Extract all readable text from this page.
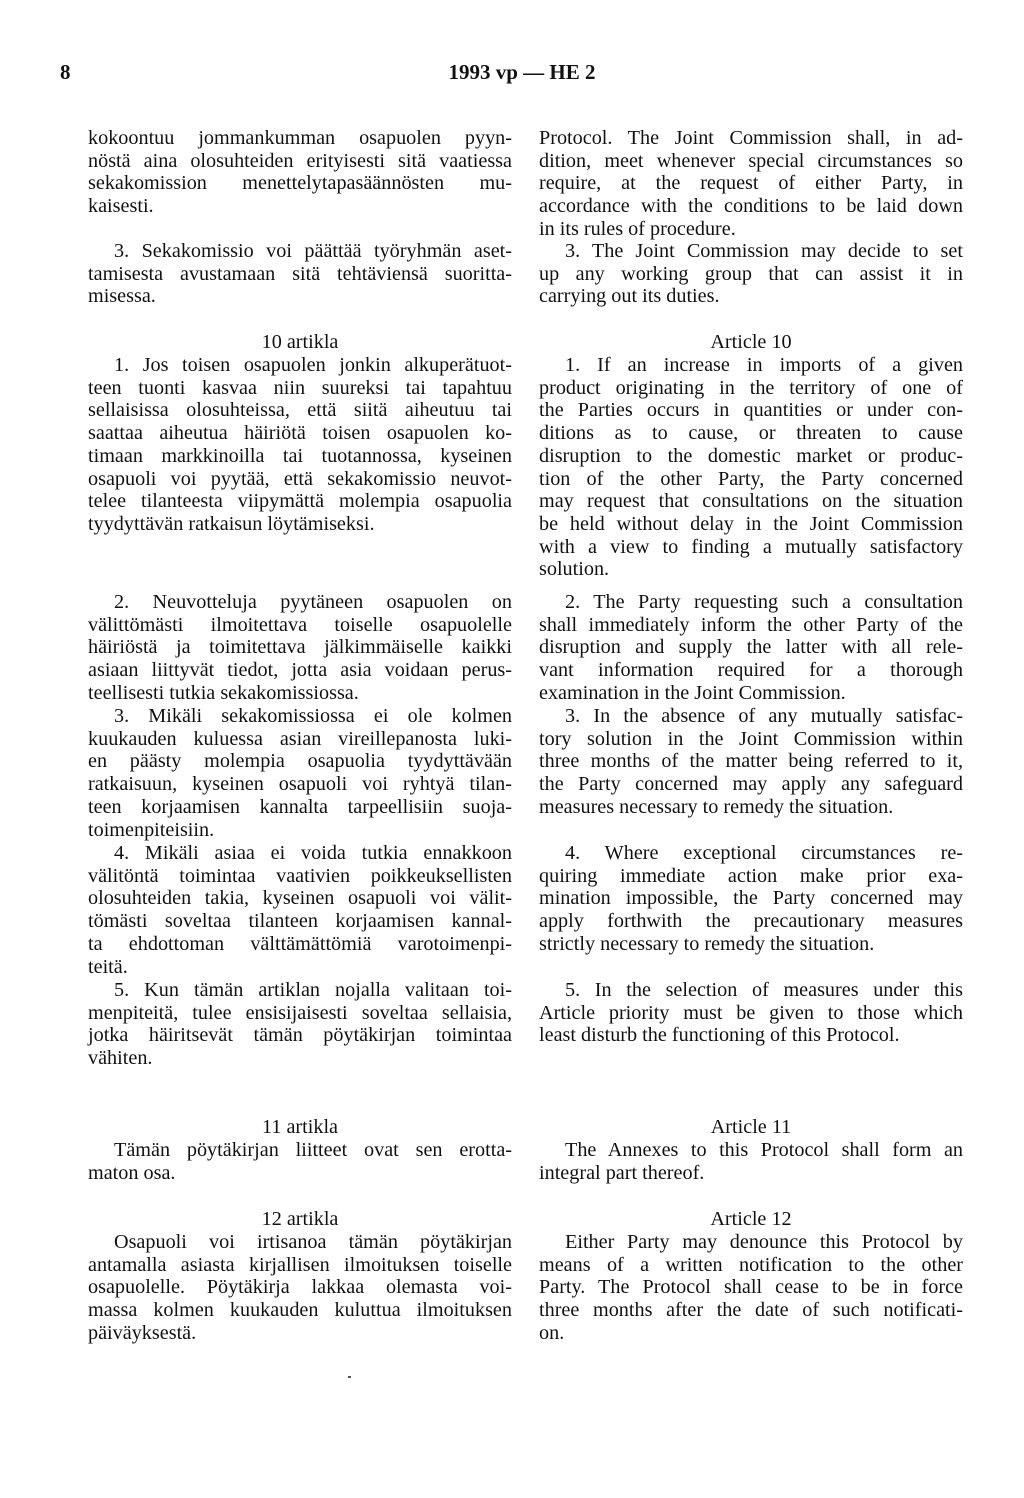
8	1993 vp — HE 2
kokoontuu jommankumman osapuolen pyyn-
nöstä aina olosuhteiden erityisesti sitä vaatiessa
sekakomission menettelytapasäännösten mu-
kaisesti.
3. Sekakomissio voi päättää työryhmän aset-
tamisesta avustamaan sitä tehtäviensä suoritta-
misessa.
10 artikla
1. Jos toisen osapuolen jonkin alkuperätuot-
teen tuonti kasvaa niin suureksi tai tapahtuu
sellaisissa olosuhteissa, että siitä aiheutuu tai
saattaa aiheutua häiriötä toisen osapuolen ko-
timaan markkinoilla tai tuotannossa, kyseinen
osapuoli voi pyytää, että sekakomissio neuvot-
telee tilanteesta viipymättä molempia osapuolia
tyydyttävän ratkaisun löytämiseksi.
2. Neuvotteluja pyytäneen osapuolen on
välittömästi ilmoitettava toiselle osapuolelle
häiriöstä ja toimitettava jälkimmäiselle kaikki
asiaan liittyvät tiedot, jotta asia voidaan perus-
teellisesti tutkia sekakomissiossa.
3. Mikäli sekakomissiossa ei ole kolmen
kuukauden kuluessa asian vireillepanosta luki-
en päästy molempia osapuolia tyydyttävään
ratkaisuun, kyseinen osapuoli voi ryhtyä tilan-
teen korjaamisen kannalta tarpeellisiin suoja-
toimenpiteisiin.
4. Mikäli asiaa ei voida tutkia ennakkoon
välitöntä toimintaa vaativien poikkeuksellisten
olosuhteiden takia, kyseinen osapuoli voi välit-
tömästi soveltaa tilanteen korjaamisen kannal-
ta ehdottoman välttämättömiä varotoimenpi-
teitä.
5. Kun tämän artiklan nojalla valitaan toi-
menpiteitä, tulee ensisijaisesti soveltaa sellaisia,
jotka häiritsevät tämän pöytäkirjan toimintaa
vähiten.
11 artikla
Tämän pöytäkirjan liitteet ovat sen erotta-
maton osa.
12 artikla
Osapuoli voi irtisanoa tämän pöytäkirjan
antamalla asiasta kirjallisen ilmoituksen toiselle
osapuolelle. Pöytäkirja lakkaa olemasta voi-
massa kolmen kuukauden kuluttua ilmoituksen
päiväyksestä.
Protocol. The Joint Commission shall, in ad-
dition, meet whenever special circumstances so
require, at the request of either Party, in
accordance with the conditions to be laid down
in its rules of procedure.
3. The Joint Commission may decide to set
up any working group that can assist it in
carrying out its duties.
Article 10
1. If an increase in imports of a given
product originating in the territory of one of
the Parties occurs in quantities or under con-
ditions as to cause, or threaten to cause
disruption to the domestic market or produc-
tion of the other Party, the Party concerned
may request that consultations on the situation
be held without delay in the Joint Commission
with a view to finding a mutually satisfactory
solution.
2. The Party requesting such a consultation
shall immediately inform the other Party of the
disruption and supply the latter with all rele-
vant information required for a thorough
examination in the Joint Commission.
3. In the absence of any mutually satisfac-
tory solution in the Joint Commission within
three months of the matter being referred to it,
the Party concerned may apply any safeguard
measures necessary to remedy the situation.
4. Where exceptional circumstances re-
quiring immediate action make prior exa-
mination impossible, the Party concerned may
apply forthwith the precautionary measures
strictly necessary to remedy the situation.
5. In the selection of measures under this
Article priority must be given to those which
least disturb the functioning of this Protocol.
Article 11
The Annexes to this Protocol shall form an
integral part thereof.
Article 12
Either Party may denounce this Protocol by
means of a written notification to the other
Party. The Protocol shall cease to be in force
three months after the date of such notificati-
on.
